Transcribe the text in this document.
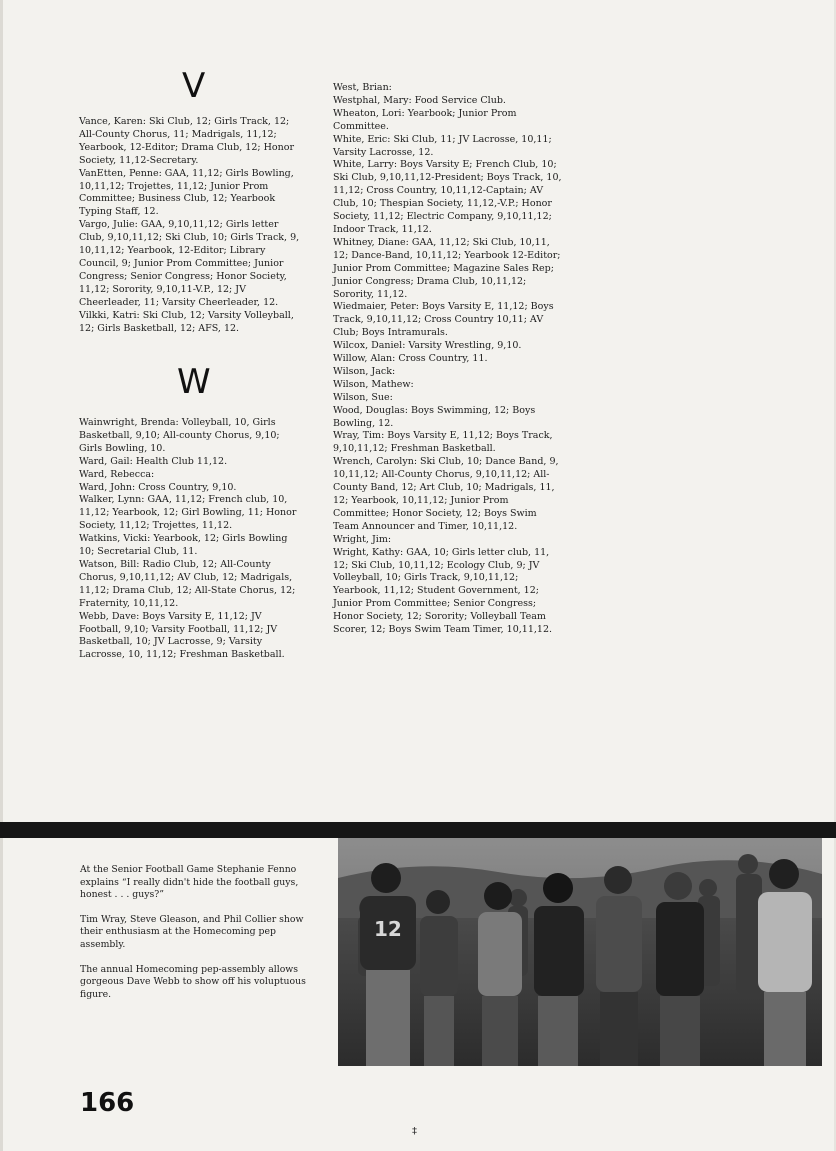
V

Vance, Karen: Ski Club, 12; Girls Track, 12; All-County Chorus, 11; Madrigals, 11,12; Yearbook, 12-Editor; Drama Club, 12; Honor Society, 11,12-Secretary.

VanEtten, Penne: GAA, 11,12; Girls Bowling, 10,11,12; Trojettes, 11,12; Junior Prom Committee; Business Club, 12; Yearbook Typing Staff, 12.

Vargo, Julie: GAA, 9,10,11,12; Girls letter Club, 9,10,11,12; Ski Club, 10; Girls Track, 9, 10,11,12; Yearbook, 12-Editor; Library Council, 9; Junior Prom Committee; Junior Congress; Senior Congress; Honor Society, 11,12; Sorority, 9,10,11-V.P., 12; JV Cheerleader, 11; Varsity Cheerleader, 12.

Vilkki, Katri: Ski Club, 12; Varsity Volleyball, 12; Girls Basketball, 12; AFS, 12.

W

Wainwright, Brenda: Volleyball, 10, Girls Basketball, 9,10; All-county Chorus, 9,10; Girls Bowling, 10.

Ward, Gail: Health Club 11,12.

Ward, Rebecca:

Ward, John: Cross Country, 9,10.

Walker, Lynn: GAA, 11,12; French club, 10, 11,12; Yearbook, 12; Girl Bowling, 11; Honor Society, 11,12; Trojettes, 11,12.

Watkins, Vicki: Yearbook, 12; Girls Bowling 10; Secretarial Club, 11.

Watson, Bill: Radio Club, 12; All-County Chorus, 9,10,11,12; AV Club, 12; Madrigals, 11,12; Drama Club, 12; All-State Chorus, 12; Fraternity, 10,11,12.

Webb, Dave: Boys Varsity E, 11,12; JV Football, 9,10; Varsity Football, 11,12; JV Basketball, 10; JV Lacrosse, 9; Varsity Lacrosse, 10, 11,12; Freshman Basketball.

West, Brian:

Westphal, Mary: Food Service Club.

Wheaton, Lori: Yearbook; Junior Prom Committee.

White, Eric: Ski Club, 11; JV Lacrosse, 10,11; Varsity Lacrosse, 12.

White, Larry: Boys Varsity E; French Club, 10; Ski Club, 9,10,11,12-President; Boys Track, 10, 11,12; Cross Country, 10,11,12-Captain; AV Club, 10; Thespian Society, 11,12,-V.P.; Honor Society, 11,12; Electric Company, 9,10,11,12; Indoor Track, 11,12.

Whitney, Diane: GAA, 11,12; Ski Club, 10,11, 12; Dance-Band, 10,11,12; Yearbook 12-Editor; Junior Prom Committee; Magazine Sales Rep; Junior Congress; Drama Club, 10,11,12; Sorority, 11,12.

Wiedmaier, Peter: Boys Varsity E, 11,12; Boys Track, 9,10,11,12; Cross Country 10,11; AV Club; Boys Intramurals.

Wilcox, Daniel: Varsity Wrestling, 9,10.

Willow, Alan: Cross Country, 11.

Wilson, Jack:

Wilson, Mathew:

Wilson, Sue:

Wood, Douglas: Boys Swimming, 12; Boys Bowling, 12.

Wray, Tim: Boys Varsity E, 11,12; Boys Track, 9,10,11,12; Freshman Basketball.

Wrench, Carolyn: Ski Club, 10; Dance Band, 9, 10,11,12; All-County Chorus, 9,10,11,12; All-County Band, 12; Art Club, 10; Madrigals, 11, 12; Yearbook, 10,11,12; Junior Prom Committee; Honor Society, 12; Boys Swim Team Announcer and Timer, 10,11,12.

Wright, Jim:

Wright, Kathy: GAA, 10; Girls letter club, 11, 12; Ski Club, 10,11,12; Ecology Club, 9; JV Volleyball, 10; Girls Track, 9,10,11,12; Yearbook, 11,12; Student Government, 12; Junior Prom Committee; Senior Congress; Honor Society, 12; Sorority; Volleyball Team Scorer, 12; Boys Swim Team Timer, 10,11,12.

At the Senior Football Game Stephanie Fenno explains “I really didn't hide the football guys, honest . . . guys?”

Tim Wray, Steve Gleason, and Phil Collier show their enthusiasm at the Homecoming pep assembly.

The annual Homecoming pep-assembly allows gorgeous Dave Webb to show off his voluptuous figure.

12
166
‡
